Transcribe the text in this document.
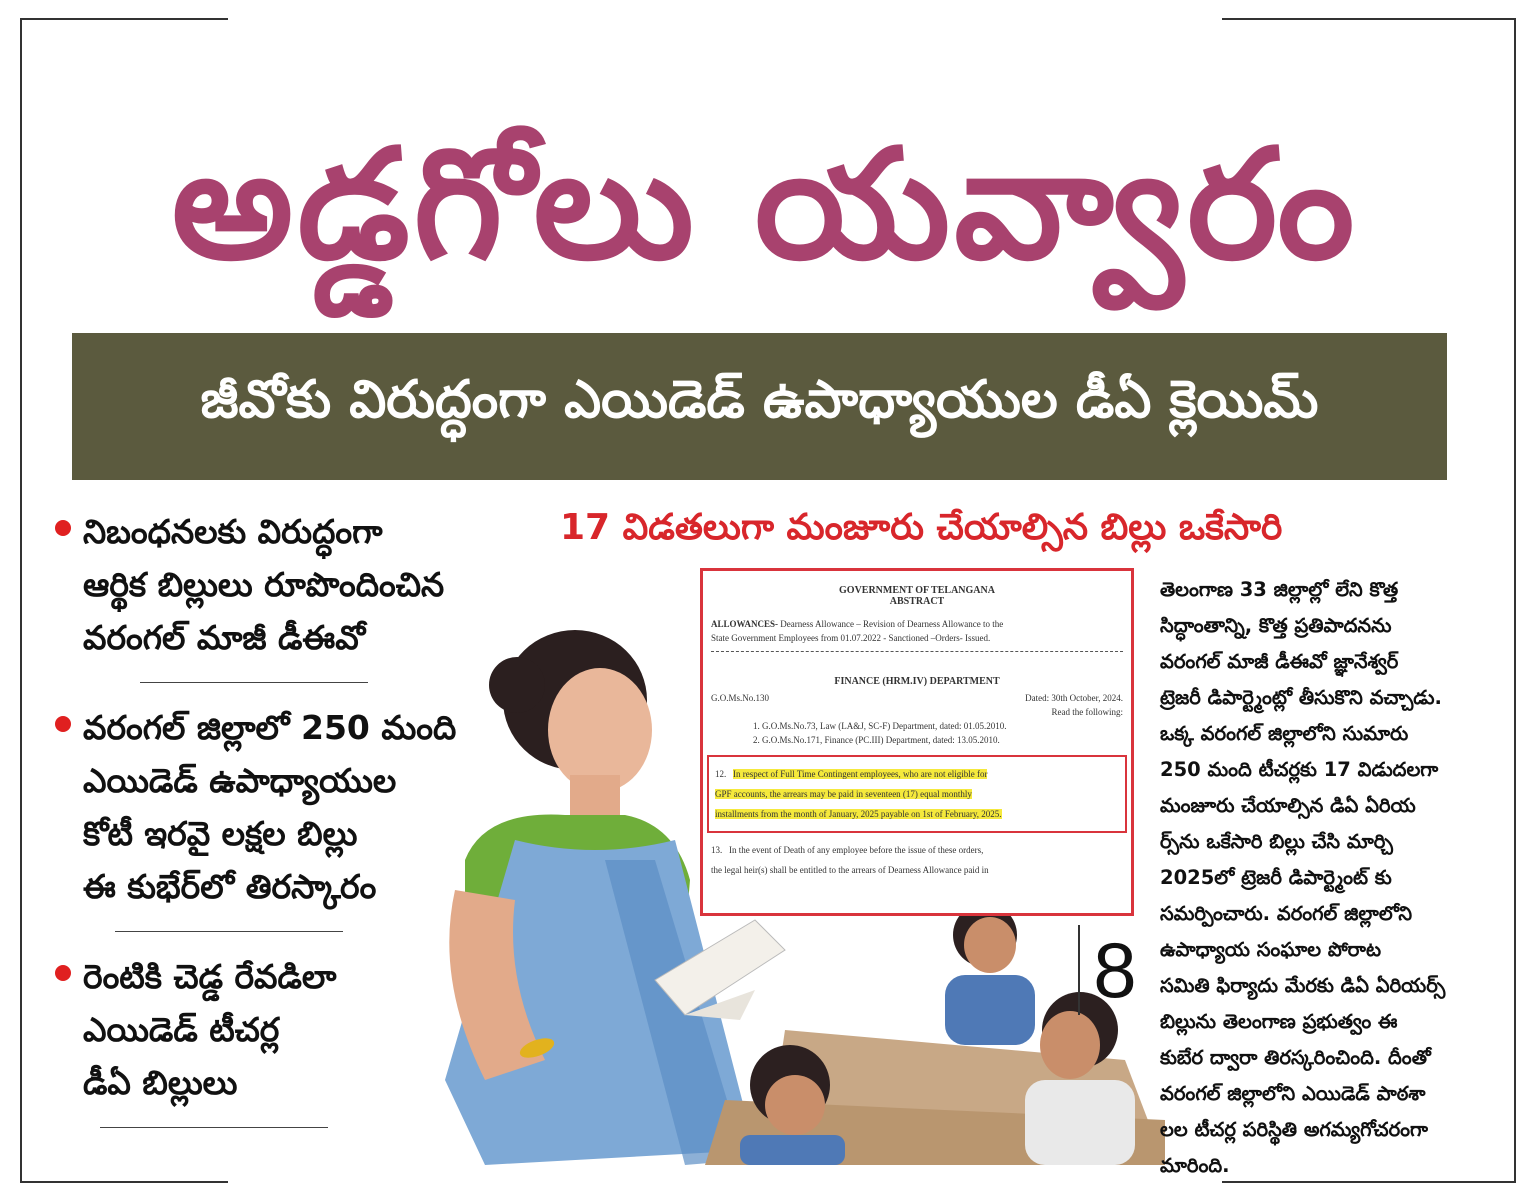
అడ్డగోలు యవ్వారం
జీవోకు విరుద్ధంగా ఎయిడెడ్ ఉపాధ్యాయుల డీఏ క్లెయిమ్
నిబంధనలకు విరుద్ధంగా
ఆర్థిక బిల్లులు రూపొందించిన
వరంగల్ మాజీ డీఈవో
వరంగల్ జిల్లాలో 250 మంది
ఎయిడెడ్ ఉపాధ్యాయుల
కోటీ ఇరవై లక్షల బిల్లు
ఈ కుభేర్‌లో తిరస్కారం
రెంటికి చెడ్డ రేవడిలా
ఎయిడెడ్ టీచర్ల
డీఏ బిల్లులు
17 విడతలుగా మంజూరు చేయాల్సిన బిల్లు ఒకేసారి
GOVERNMENT OF TELANGANA
ABSTRACT
ALLOWANCES- Dearness Allowance – Revision of Dearness Allowance to the
State Government Employees from 01.07.2022 - Sanctioned –Orders- Issued.
FINANCE (HRM.IV) DEPARTMENT
G.O.Ms.No.130	Dated: 30th October, 2024.
Read the following:
1. G.O.Ms.No.73, Law (LA&J, SC-F) Department, dated: 01.05.2010.
2. G.O.Ms.No.171, Finance (PC.III) Department, dated: 13.05.2010.
12. In respect of Full Time Contingent employees, who are not eligible for
GPF accounts, the arrears may be paid in seventeen (17) equal monthly
installments from the month of January, 2025 payable on 1st of February, 2025.
13. In the event of Death of any employee before the issue of these orders,
the legal heir(s) shall be entitled to the arrears of Dearness Allowance paid in
8
తెలంగాణ 33 జిల్లాల్లో లేని కొత్త
సిద్ధాంతాన్ని, కొత్త ప్రతిపాదనను
వరంగల్ మాజీ డీఈవో జ్ఞానేశ్వర్
ట్రెజరీ డిపార్ట్మెంట్లో తీసుకొని వచ్చాడు.
ఒక్క వరంగల్ జిల్లాలోని సుమారు
250 మంది టీచర్లకు 17 విడుదలగా
మంజూరు చేయాల్సిన డిఏ ఏరియ
ర్స్‌ను ఒకేసారి బిల్లు చేసి మార్చి
2025లో ట్రెజరీ డిపార్ట్మెంట్ కు
సమర్పించారు. వరంగల్ జిల్లాలోని
ఉపాధ్యాయ సంఘాల పోరాట
సమితి ఫిర్యాదు మేరకు డిఏ ఏరియర్స్
బిల్లును తెలంగాణ ప్రభుత్వం ఈ
కుబేర ద్వారా తిరస్కరించింది. దీంతో
వరంగల్ జిల్లాలోని ఎయిడెడ్ పాఠశా
లల టీచర్ల పరిస్థితి అగమ్యగోచరంగా
మారింది.
